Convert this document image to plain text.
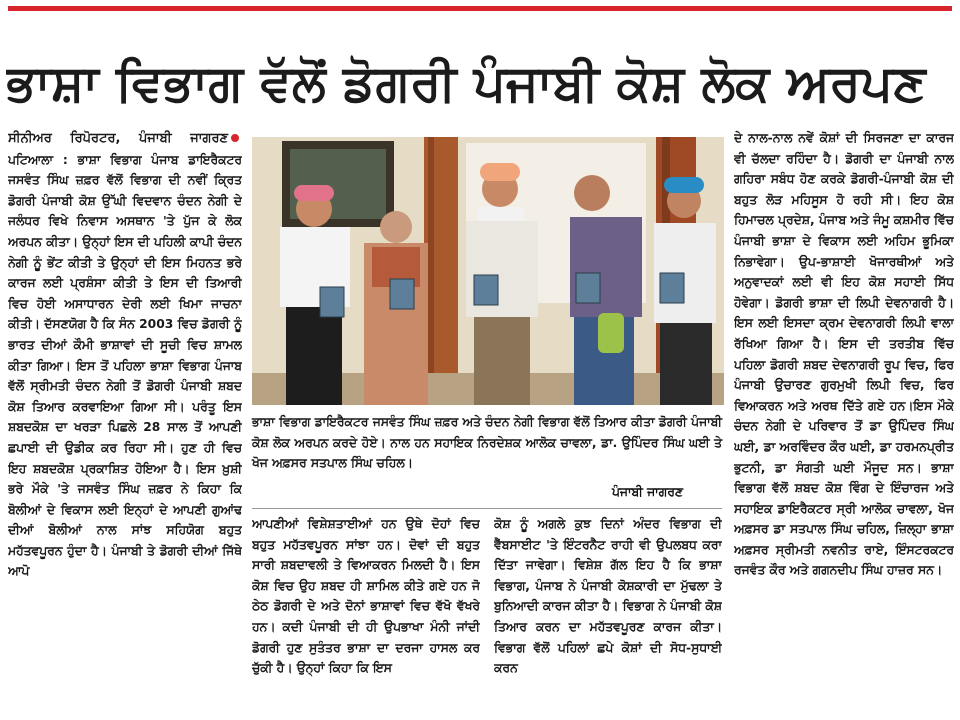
ਭਾਸ਼ਾ ਵਿਭਾਗ ਵੱਲੋਂ ਡੋਗਰੀ ਪੰਜਾਬੀ ਕੋਸ਼ ਲੋਕ ਅਰਪਣ

ਸੀਨੀਅਰ ਰਿਪੋਰਟਰ, ਪੰਜਾਬੀ ਜਾਗਰਣਪਟਿਆਲਾ : ਭਾਸ਼ਾ ਵਿਭਾਗ ਪੰਜਾਬ ਡਾਇਰੈਕਟਰ ਜਸਵੰਤ ਸਿੰਘ ਜ਼ਫ਼ਰ ਵੱਲੋਂ ਵਿਭਾਗ ਦੀ ਨਵੀਂ ਕ੍ਰਿਤ ਡੋਗਰੀ ਪੰਜਾਬੀ ਕੋਸ਼ ਉੱਘੀ ਵਿਦਵਾਨ ਚੰਦਨ ਨੇਗੀ ਦੇ ਜਲੰਧਰ ਵਿਖੇ ਨਿਵਾਸ ਅਸਥਾਨ 'ਤੇ ਪੁੱਜ ਕੇ ਲੋਕ ਅਰਪਨ ਕੀਤਾ। ਉਨ੍ਹਾਂ ਇਸ ਦੀ ਪਹਿਲੀ ਕਾਪੀ ਚੰਦਨ ਨੇਗੀ ਨੂੰ ਭੇਂਟ ਕੀਤੀ ਤੇ ਉਨ੍ਹਾਂ ਦੀ ਇਸ ਮਿਹਨਤ ਭਰੇ ਕਾਰਜ ਲਈ ਪ੍ਰਸ਼ੰਸਾ ਕੀਤੀ ਤੇ ਇਸ ਦੀ ਤਿਆਰੀ ਵਿਚ ਹੋਈ ਅਸਾਧਾਰਨ ਦੇਰੀ ਲਈ ਖਿਮਾ ਜਾਚਨਾ ਕੀਤੀ। ਦੱਸਣਯੋਗ ਹੈ ਕਿ ਸੰਨ 2003 ਵਿਚ ਡੋਗਰੀ ਨੂੰ ਭਾਰਤ ਦੀਆਂ ਕੌਮੀ ਭਾਸ਼ਾਵਾਂ ਦੀ ਸੂਚੀ ਵਿਚ ਸ਼ਾਮਲ ਕੀਤਾ ਗਿਆ। ਇਸ ਤੋਂ ਪਹਿਲਾ ਭਾਸ਼ਾ ਵਿਭਾਗ ਪੰਜਾਬ ਵੱਲੋਂ ਸ੍ਰੀਮਤੀ ਚੰਦਨ ਨੇਗੀ ਤੋਂ ਡੋਗਰੀ ਪੰਜਾਬੀ ਸ਼ਬਦ ਕੋਸ਼ ਤਿਆਰ ਕਰਵਾਇਆ ਗਿਆ ਸੀ। ਪਰੰਤੂ ਇਸ ਸ਼ਬਦਕੋਸ਼ ਦਾ ਖਰੜਾ ਪਿਛਲੇ 28 ਸਾਲ ਤੋਂ ਆਪਣੀ ਛਪਾਈ ਦੀ ਉਡੀਕ ਕਰ ਰਿਹਾ ਸੀ। ਹੁਣ ਹੀ ਵਿਚ ਇਹ ਸ਼ਬਦਕੋਸ਼ ਪ੍ਰਕਾਸ਼ਿਤ ਹੋਇਆ ਹੈ। ਇਸ ਖ਼ੁਸ਼ੀ ਭਰੇ ਮੌਕੇ 'ਤੇ ਜਸਵੰਤ ਸਿੰਘ ਜ਼ਫ਼ਰ ਨੇ ਕਿਹਾ ਕਿ ਬੋਲੀਆਂ ਦੇ ਵਿਕਾਸ ਲਈ ਇਨ੍ਹਾਂ ਦੇ ਆਪਣੀ ਗੁਆਂਢ ਦੀਆਂ ਬੋਲੀਆਂ ਨਾਲ ਸਾਂਝ ਸਹਿਯੋਗ ਬਹੁਤ ਮਹੱਤਵਪੂਰਨ ਹੁੰਦਾ ਹੈ। ਪੰਜਾਬੀ ਤੇ ਡੋਗਰੀ ਦੀਆਂ ਜਿੱਥੇ ਆਪੋ

ਭਾਸ਼ਾ ਵਿਭਾਗ ਡਾਇਰੈਕਟਰ ਜਸਵੰਤ ਸਿੰਘ ਜ਼ਫ਼ਰ ਅਤੇ ਚੰਦਨ ਨੇਗੀ ਵਿਭਾਗ ਵੱਲੋਂ ਤਿਆਰ ਕੀਤਾ ਡੋਗਰੀ ਪੰਜਾਬੀ ਕੋਸ਼ ਲੋਕ ਅਰਪਨ ਕਰਦੇ ਹੋਏ। ਨਾਲ ਹਨ ਸਹਾਇਕ ਨਿਰਦੇਸ਼ਕ ਆਲੋਕ ਚਾਵਲਾ, ਡਾ. ਉਪਿੰਦਰ ਸਿੰਘ ਘਈ ਤੇ ਖੋਜ ਅਫ਼ਸਰ ਸਤਪਾਲ ਸਿੰਘ ਚਹਿਲ।
ਪੰਜਾਬੀ ਜਾਗਰਣ

ਆਪਣੀਆਂ ਵਿਸ਼ੇਸ਼ਤਾਈਆਂ ਹਨ ਉਥੇ ਦੋਹਾਂ ਵਿਚ ਬਹੁਤ ਮਹੱਤਵਪੂਰਨ ਸਾਂਝਾ ਹਨ। ਦੋਵਾਂ ਦੀ ਬਹੁਤ ਸਾਰੀ ਸ਼ਬਦਾਵਲੀ ਤੇ ਵਿਆਕਰਨ ਮਿਲਦੀ ਹੈ। ਇਸ ਕੋਸ਼ ਵਿਚ ਉਹ ਸ਼ਬਦ ਹੀ ਸ਼ਾਮਿਲ ਕੀਤੇ ਗਏ ਹਨ ਜੋ ਠੇਠ ਡੋਗਰੀ ਦੇ ਅਤੇ ਦੋਨਾਂ ਭਾਸ਼ਾਵਾਂ ਵਿਚ ਵੱਖੋ ਵੱਖਰੇ ਹਨ। ਕਦੀ ਪੰਜਾਬੀ ਦੀ ਹੀ ਉਪਭਾਖਾ ਮੰਨੀ ਜਾਂਦੀ ਡੋਗਰੀ ਹੁਣ ਸੁਤੰਤਰ ਭਾਸ਼ਾ ਦਾ ਦਰਜਾ ਹਾਸਲ ਕਰ ਚੁੱਕੀ ਹੈ। ਉਨ੍ਹਾਂ ਕਿਹਾ ਕਿ ਇਸ

ਕੋਸ਼ ਨੂੰ ਅਗਲੇ ਕੁਝ ਦਿਨਾਂ ਅੰਦਰ ਵਿਭਾਗ ਦੀ ਵੈੱਬਸਾਈਟ 'ਤੇ ਇੰਟਰਨੈਟ ਰਾਹੀ ਵੀ ਉਪਲਬਧ ਕਰਾ ਦਿੱਤਾ ਜਾਵੇਗਾ। ਵਿਸ਼ੇਸ਼ ਗੱਲ ਇਹ ਹੈ ਕਿ ਭਾਸ਼ਾ ਵਿਭਾਗ, ਪੰਜਾਬ ਨੇ ਪੰਜਾਬੀ ਕੋਸ਼ਕਾਰੀ ਦਾ ਮੁੱਢਲਾ ਤੇ ਬੁਨਿਆਦੀ ਕਾਰਜ ਕੀਤਾ ਹੈ। ਵਿਭਾਗ ਨੇ ਪੰਜਾਬੀ ਕੋਸ਼ ਤਿਆਰ ਕਰਨ ਦਾ ਮਹੱਤਵਪੂਰਣ ਕਾਰਜ ਕੀਤਾ। ਵਿਭਾਗ ਵੱਲੋਂ ਪਹਿਲਾਂ ਛਪੇ ਕੋਸ਼ਾਂ ਦੀ ਸੋਧ-ਸੁਧਾਈ ਕਰਨ

ਦੇ ਨਾਲ-ਨਾਲ ਨਵੇਂ ਕੋਸ਼ਾਂ ਦੀ ਸਿਰਜਣਾ ਦਾ ਕਾਰਜ ਵੀ ਚੱਲਦਾ ਰਹਿੰਦਾ ਹੈ। ਡੋਗਰੀ ਦਾ ਪੰਜਾਬੀ ਨਾਲ ਗਹਿਰਾ ਸਬੰਧ ਹੋਣ ਕਰਕੇ ਡੋਗਰੀ-ਪੰਜਾਬੀ ਕੋਸ਼ ਦੀ ਬਹੁਤ ਲੋੜ ਮਹਿਸੂਸ ਹੋ ਰਹੀ ਸੀ। ਇਹ ਕੋਸ਼ ਹਿਮਾਚਲ ਪ੍ਰਦੇਸ਼, ਪੰਜਾਬ ਅਤੇ ਜੰਮੂ ਕਸ਼ਮੀਰ ਵਿੱਚ ਪੰਜਾਬੀ ਭਾਸ਼ਾ ਦੇ ਵਿਕਾਸ ਲਈ ਅਹਿਮ ਭੂਮਿਕਾ ਨਿਭਾਵੇਗਾ। ਉਪ-ਭਾਸ਼ਾਈ ਖੋਜਾਰਥੀਆਂ ਅਤੇ ਅਨੁਵਾਦਕਾਂ ਲਈ ਵੀ ਇਹ ਕੋਸ਼ ਸਹਾਈ ਸਿੱਧ ਹੋਵੇਗਾ। ਡੋਗਰੀ ਭਾਸ਼ਾ ਦੀ ਲਿਪੀ ਦੇਵਨਾਗਰੀ ਹੈ। ਇਸ ਲਈ ਇਸਦਾ ਕ੍ਰਮ ਦੇਵਨਾਗਰੀ ਲਿਪੀ ਵਾਲਾ ਰੱਖਿਆ ਗਿਆ ਹੈ। ਇਸ ਦੀ ਤਰਤੀਬ ਵਿੱਚ ਪਹਿਲਾ ਡੋਗਰੀ ਸ਼ਬਦ ਦੇਵਨਾਗਰੀ ਰੂਪ ਵਿਚ, ਫਿਰ ਪੰਜਾਬੀ ਉਚਾਰਣ ਗੁਰਮੁਖੀ ਲਿਪੀ ਵਿਚ, ਫਿਰ ਵਿਆਕਰਨ ਅਤੇ ਅਰਥ ਦਿੱਤੇ ਗਏ ਹਨ।ਇਸ ਮੌਕੇ ਚੰਦਨ ਨੇਗੀ ਦੇ ਪਰਿਵਾਰ ਤੋਂ ਡਾ ਉਪਿੰਦਰ ਸਿੰਘ ਘਈ, ਡਾ ਅਰਵਿੰਦਰ ਕੌਰ ਘਈ, ਡਾ ਹਰਮਨਪ੍ਰੀਤ ਭੁਟਨੀ, ਡਾ ਸੰਗਤੀ ਘਈ ਮੌਜੂਦ ਸਨ। ਭਾਸ਼ਾ ਵਿਭਾਗ ਵੱਲੋਂ ਸ਼ਬਦ ਕੋਸ਼ ਵਿੰਗ ਦੇ ਇੰਚਾਰਜ ਅਤੇ ਸਹਾਇਕ ਡਾਇਰੈਕਟਰ ਸ੍ਰੀ ਆਲੋਕ ਚਾਵਲਾ, ਖੋਜ ਅਫ਼ਸਰ ਡਾ ਸਤਪਾਲ ਸਿੰਘ ਚਹਿਲ, ਜ਼ਿਲ੍ਹਾ ਭਾਸ਼ਾ ਅਫ਼ਸਰ ਸ੍ਰੀਮਤੀ ਨਵਨੀਤ ਰਾਏ, ਇੰਸਟਰਕਟਰ ਰਜਵੰਤ ਕੌਰ ਅਤੇ ਗਗਨਦੀਪ ਸਿੰਘ ਹਾਜ਼ਰ ਸਨ।
